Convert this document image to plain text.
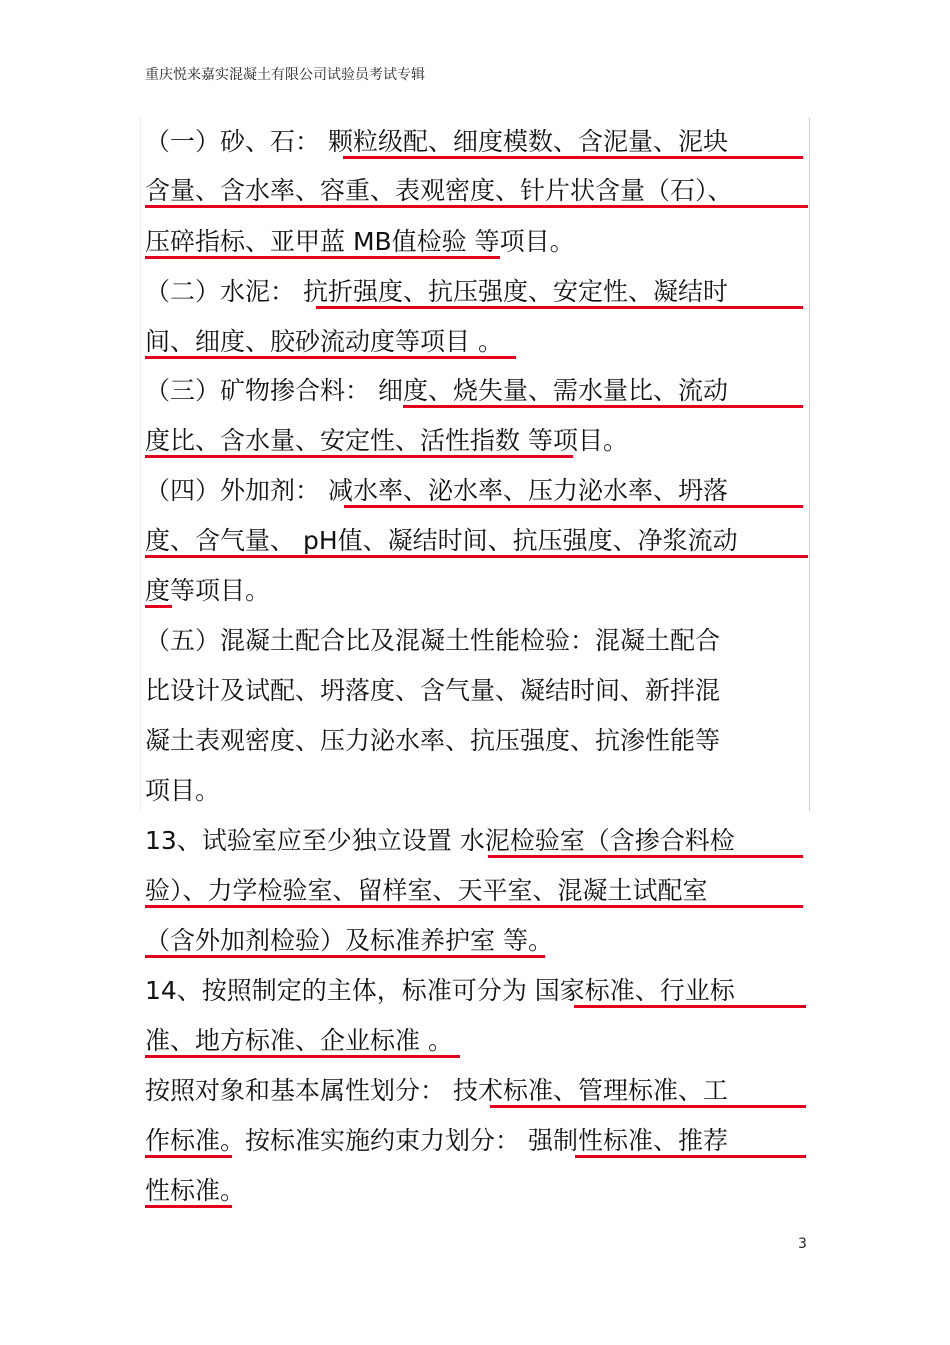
重庆悦来嘉实混凝土有限公司试验员考试专辑
（一）砂、石： 颗粒级配、细度模数、含泥量、泥块
含量、含水率、容重、表观密度、针片状含量（石）、
压碎指标、亚甲蓝 MB值检验 等项目。
（二）水泥： 抗折强度、抗压强度、安定性、凝结时
间、细度、胶砂流动度等项目 。
（三）矿物掺合料： 细度、烧失量、需水量比、流动
度比、含水量、安定性、活性指数 等项目。
（四）外加剂： 减水率、泌水率、压力泌水率、坍落
度、含气量、 pH值、凝结时间、抗压强度、净浆流动
度等项目。
（五）混凝土配合比及混凝土性能检验：混凝土配合
比设计及试配、坍落度、含气量、凝结时间、新拌混
凝土表观密度、压力泌水率、抗压强度、抗渗性能等
项目。
13、试验室应至少独立设置 水泥检验室（含掺合料检
验）、力学检验室、留样室、天平室、混凝土试配室
（含外加剂检验）及标准养护室 等。
14、按照制定的主体，标准可分为 国家标准、行业标
准、地方标准、企业标准 。
按照对象和基本属性划分： 技术标准、管理标准、工
作标准。按标准实施约束力划分： 强制性标准、推荐
性标准。
3
